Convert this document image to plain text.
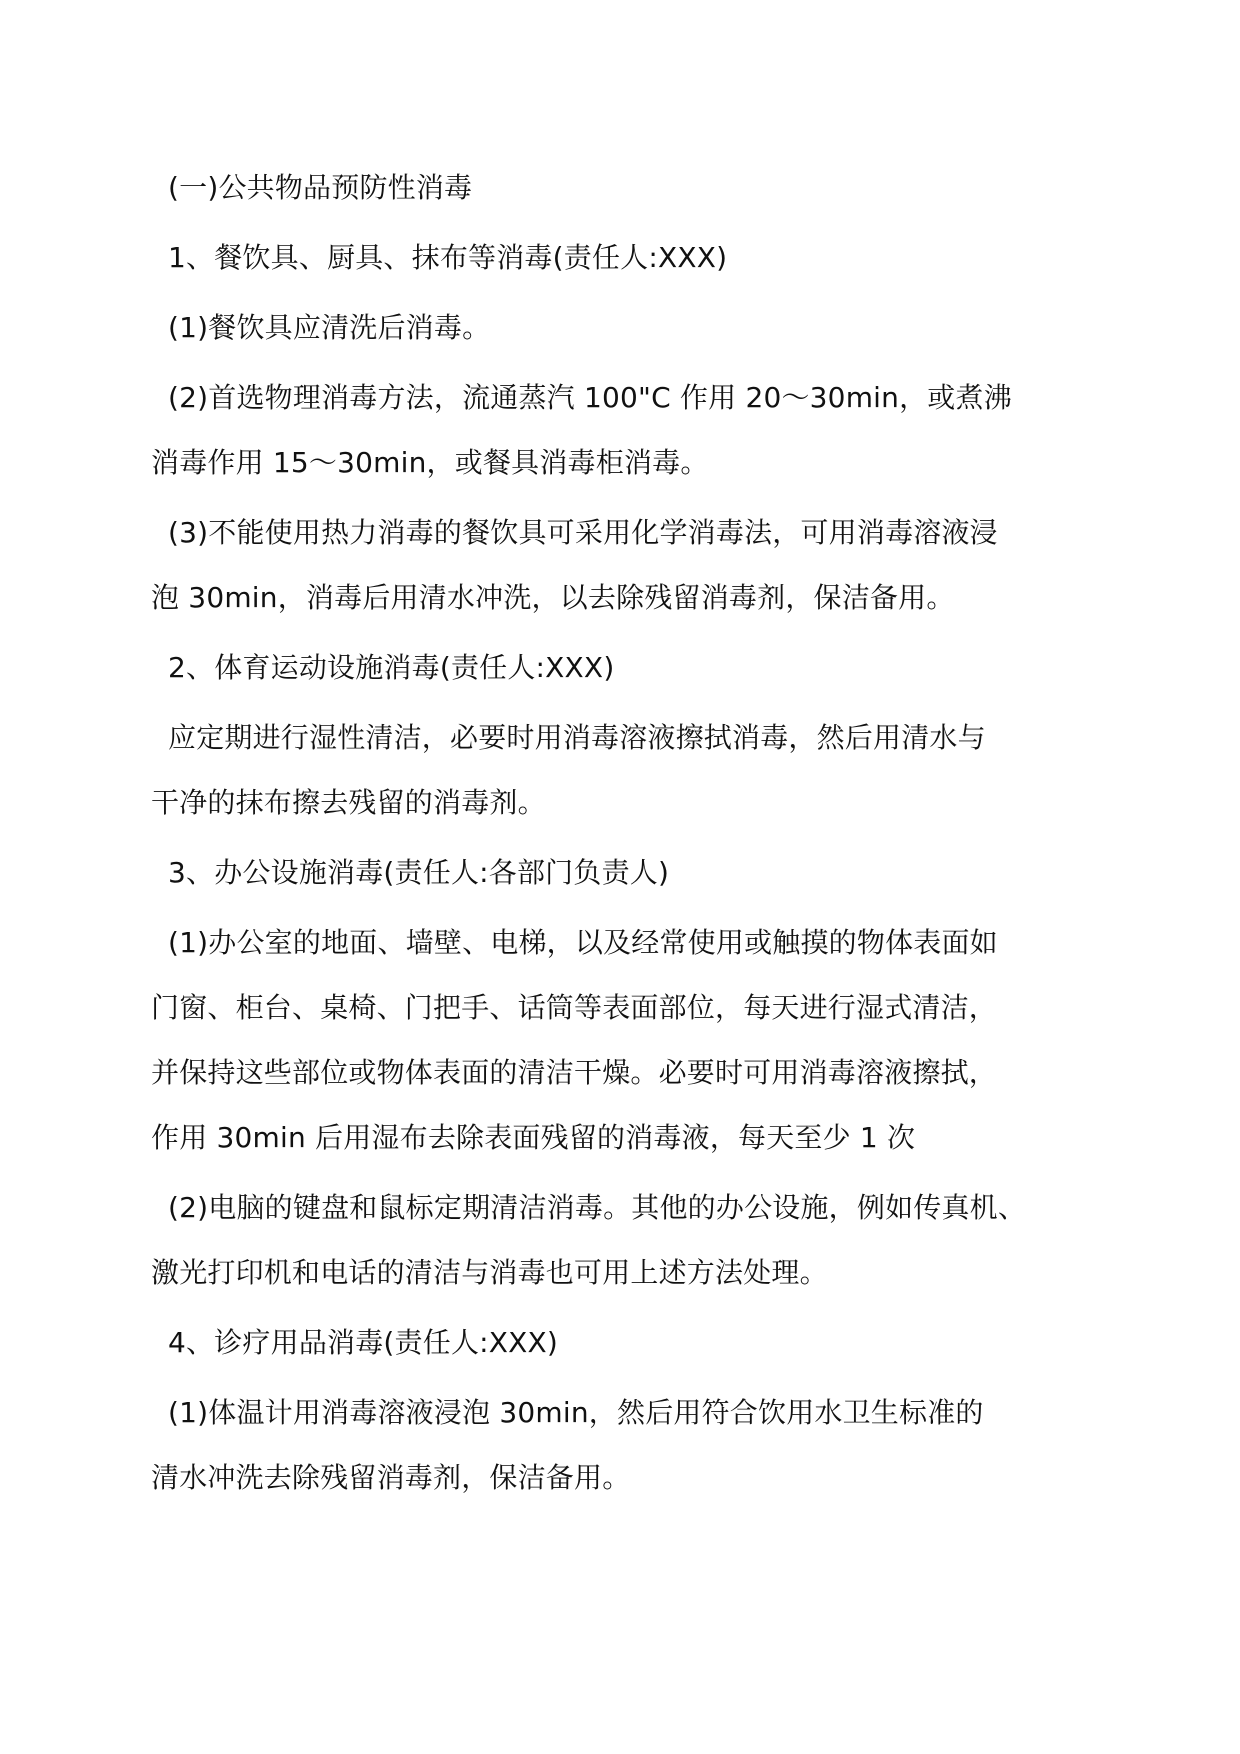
(一)公共物品预防性消毒
1、餐饮具、厨具、抹布等消毒(责任人:XXX)
(1)餐饮具应清洗后消毒。
(2)首选物理消毒方法，流通蒸汽 100"C 作用 20～30min，或煮沸
消毒作用 15～30min，或餐具消毒柜消毒。
(3)不能使用热力消毒的餐饮具可采用化学消毒法，可用消毒溶液浸
泡 30min，消毒后用清水冲洗，以去除残留消毒剂，保洁备用。
2、体育运动设施消毒(责任人:XXX)
应定期进行湿性清洁，必要时用消毒溶液擦拭消毒，然后用清水与
干净的抹布擦去残留的消毒剂。
3、办公设施消毒(责任人:各部门负责人)
(1)办公室的地面、墙壁、电梯，以及经常使用或触摸的物体表面如
门窗、柜台、桌椅、门把手、话筒等表面部位，每天进行湿式清洁，
并保持这些部位或物体表面的清洁干燥。必要时可用消毒溶液擦拭，
作用 30min 后用湿布去除表面残留的消毒液，每天至少 1 次
(2)电脑的键盘和鼠标定期清洁消毒。其他的办公设施，例如传真机、
激光打印机和电话的清洁与消毒也可用上述方法处理。
4、诊疗用品消毒(责任人:XXX)
(1)体温计用消毒溶液浸泡 30min，然后用符合饮用水卫生标准的
清水冲洗去除残留消毒剂，保洁备用。
